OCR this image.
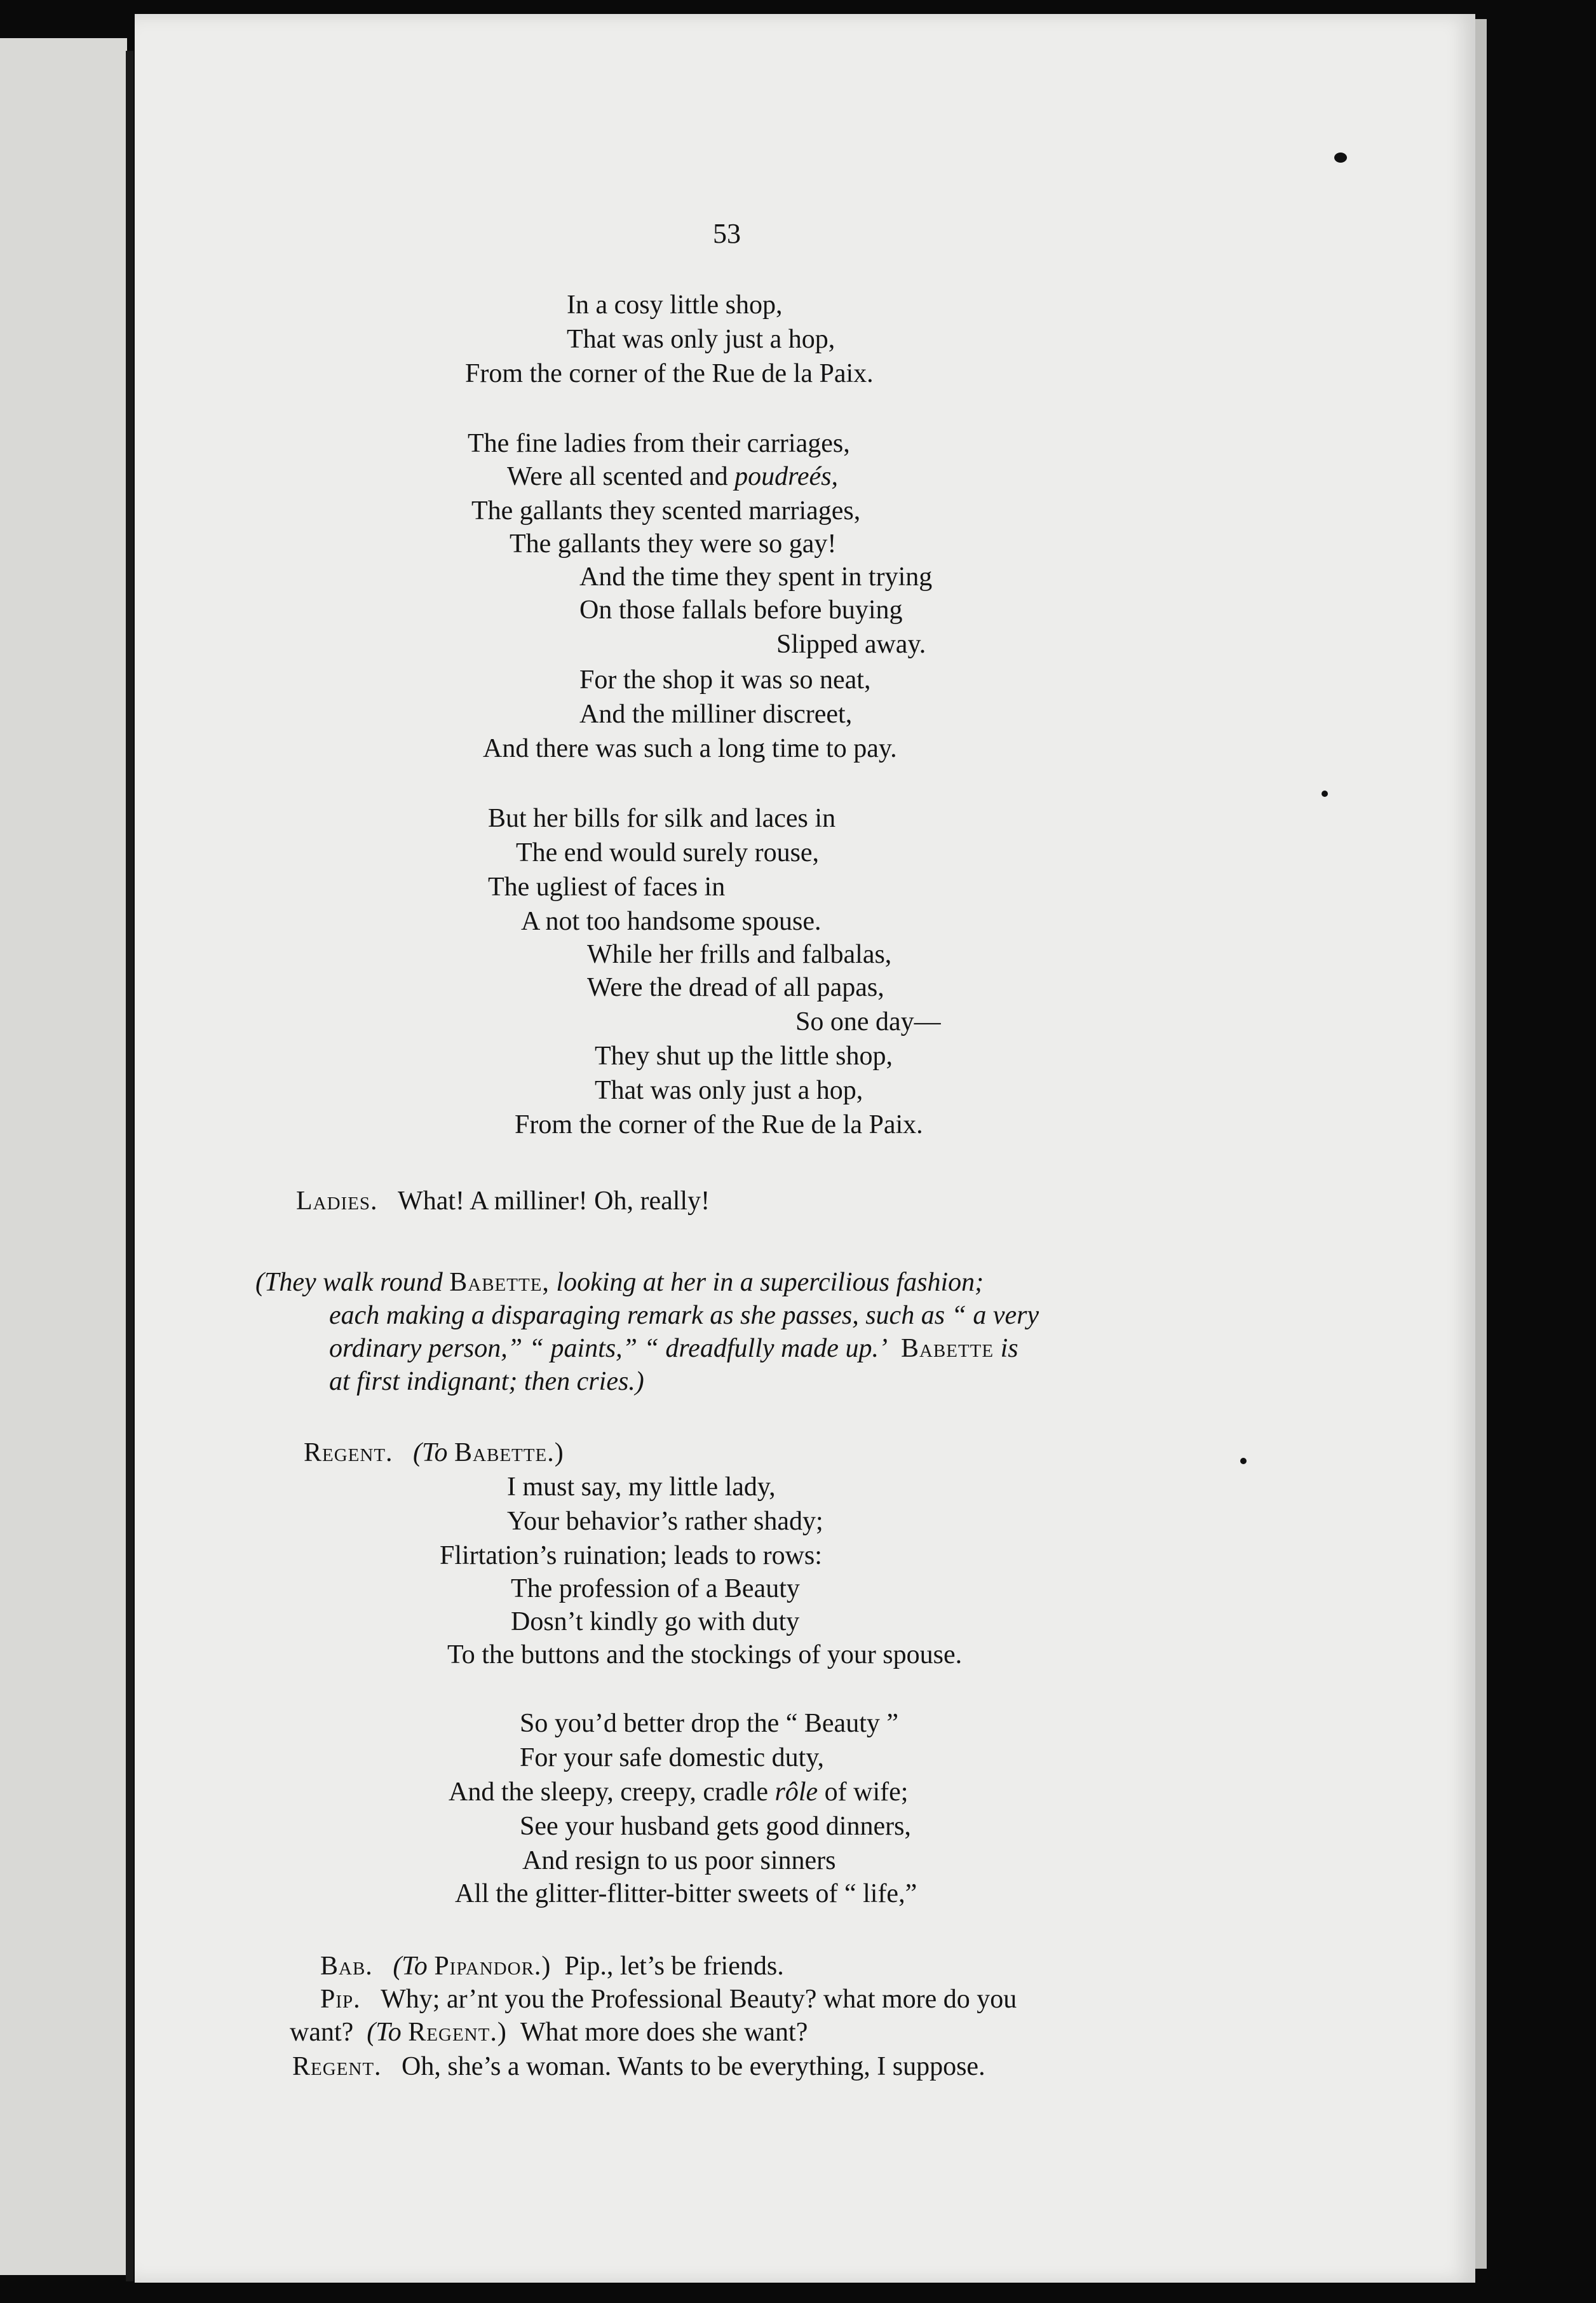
53
In a cosy little shop,
That was only just a hop,
From the corner of the Rue de la Paix.
The fine ladies from their carriages,
Were all scented and poudreés,
The gallants they scented marriages,
The gallants they were so gay!
And the time they spent in trying
On those fallals before buying
Slipped away.
For the shop it was so neat,
And the milliner discreet,
And there was such a long time to pay.
But her bills for silk and laces in
The end would surely rouse,
The ugliest of faces in
A not too handsome spouse.
While her frills and falbalas,
Were the dread of all papas,
So one day—
They shut up the little shop,
That was only just a hop,
From the corner of the Rue de la Paix.
Ladies. What! A milliner! Oh, really!
(They walk round Babette, looking at her in a supercilious fashion;
each making a disparaging remark as she passes, such as “ a very
ordinary person,” “ paints,” “ dreadfully made up.’ Babette is
at first indignant; then cries.)
Regent. (To Babette.)
I must say, my little lady,
Your behavior’s rather shady;
Flirtation’s ruination; leads to rows:
The profession of a Beauty
Dosn’t kindly go with duty
To the buttons and the stockings of your spouse.
So you’d better drop the “ Beauty ”
For your safe domestic duty,
And the sleepy, creepy, cradle rôle of wife;
See your husband gets good dinners,
And resign to us poor sinners
All the glitter-flitter-bitter sweets of “ life,”
Bab. (To Pipandor.) Pip., let’s be friends.
Pip. Why; ar’nt you the Professional Beauty? what more do you
want? (To Regent.) What more does she want?
Regent. Oh, she’s a woman. Wants to be everything, I suppose.
